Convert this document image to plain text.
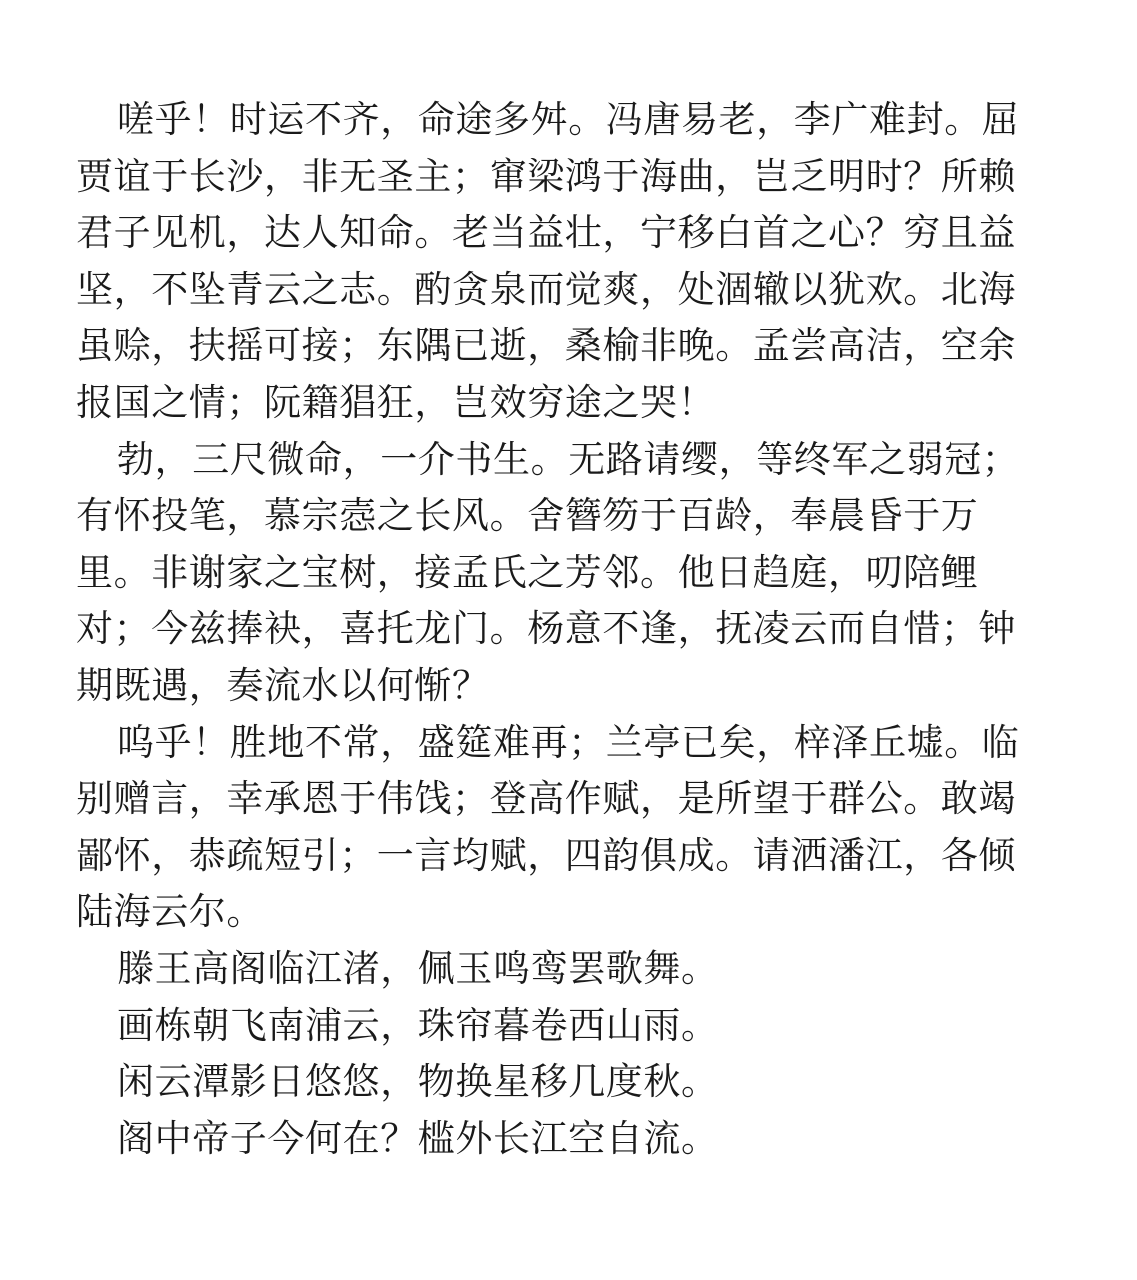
嗟乎！时运不齐，命途多舛。冯唐易老，李广难封。屈
贾谊于长沙，非无圣主；窜梁鸿于海曲，岂乏明时？所赖
君子见机，达人知命。老当益壮，宁移白首之心？穷且益
坚，不坠青云之志。酌贪泉而觉爽，处涸辙以犹欢。北海
虽赊，扶摇可接；东隅已逝，桑榆非晚。孟尝高洁，空余
报国之情；阮籍猖狂，岂效穷途之哭！
勃，三尺微命，一介书生。无路请缨，等终军之弱冠；
有怀投笔，慕宗悫之长风。舍簪笏于百龄，奉晨昏于万
里。非谢家之宝树，接孟氏之芳邻。他日趋庭，叨陪鲤
对；今兹捧袂，喜托龙门。杨意不逢，抚凌云而自惜；钟
期既遇，奏流水以何惭？
呜乎！胜地不常，盛筵难再；兰亭已矣，梓泽丘墟。临
别赠言，幸承恩于伟饯；登高作赋，是所望于群公。敢竭
鄙怀，恭疏短引；一言均赋，四韵俱成。请洒潘江，各倾
陆海云尔。
滕王高阁临江渚，佩玉鸣鸾罢歌舞。
画栋朝飞南浦云，珠帘暮卷西山雨。
闲云潭影日悠悠，物换星移几度秋。
阁中帝子今何在？槛外长江空自流。
